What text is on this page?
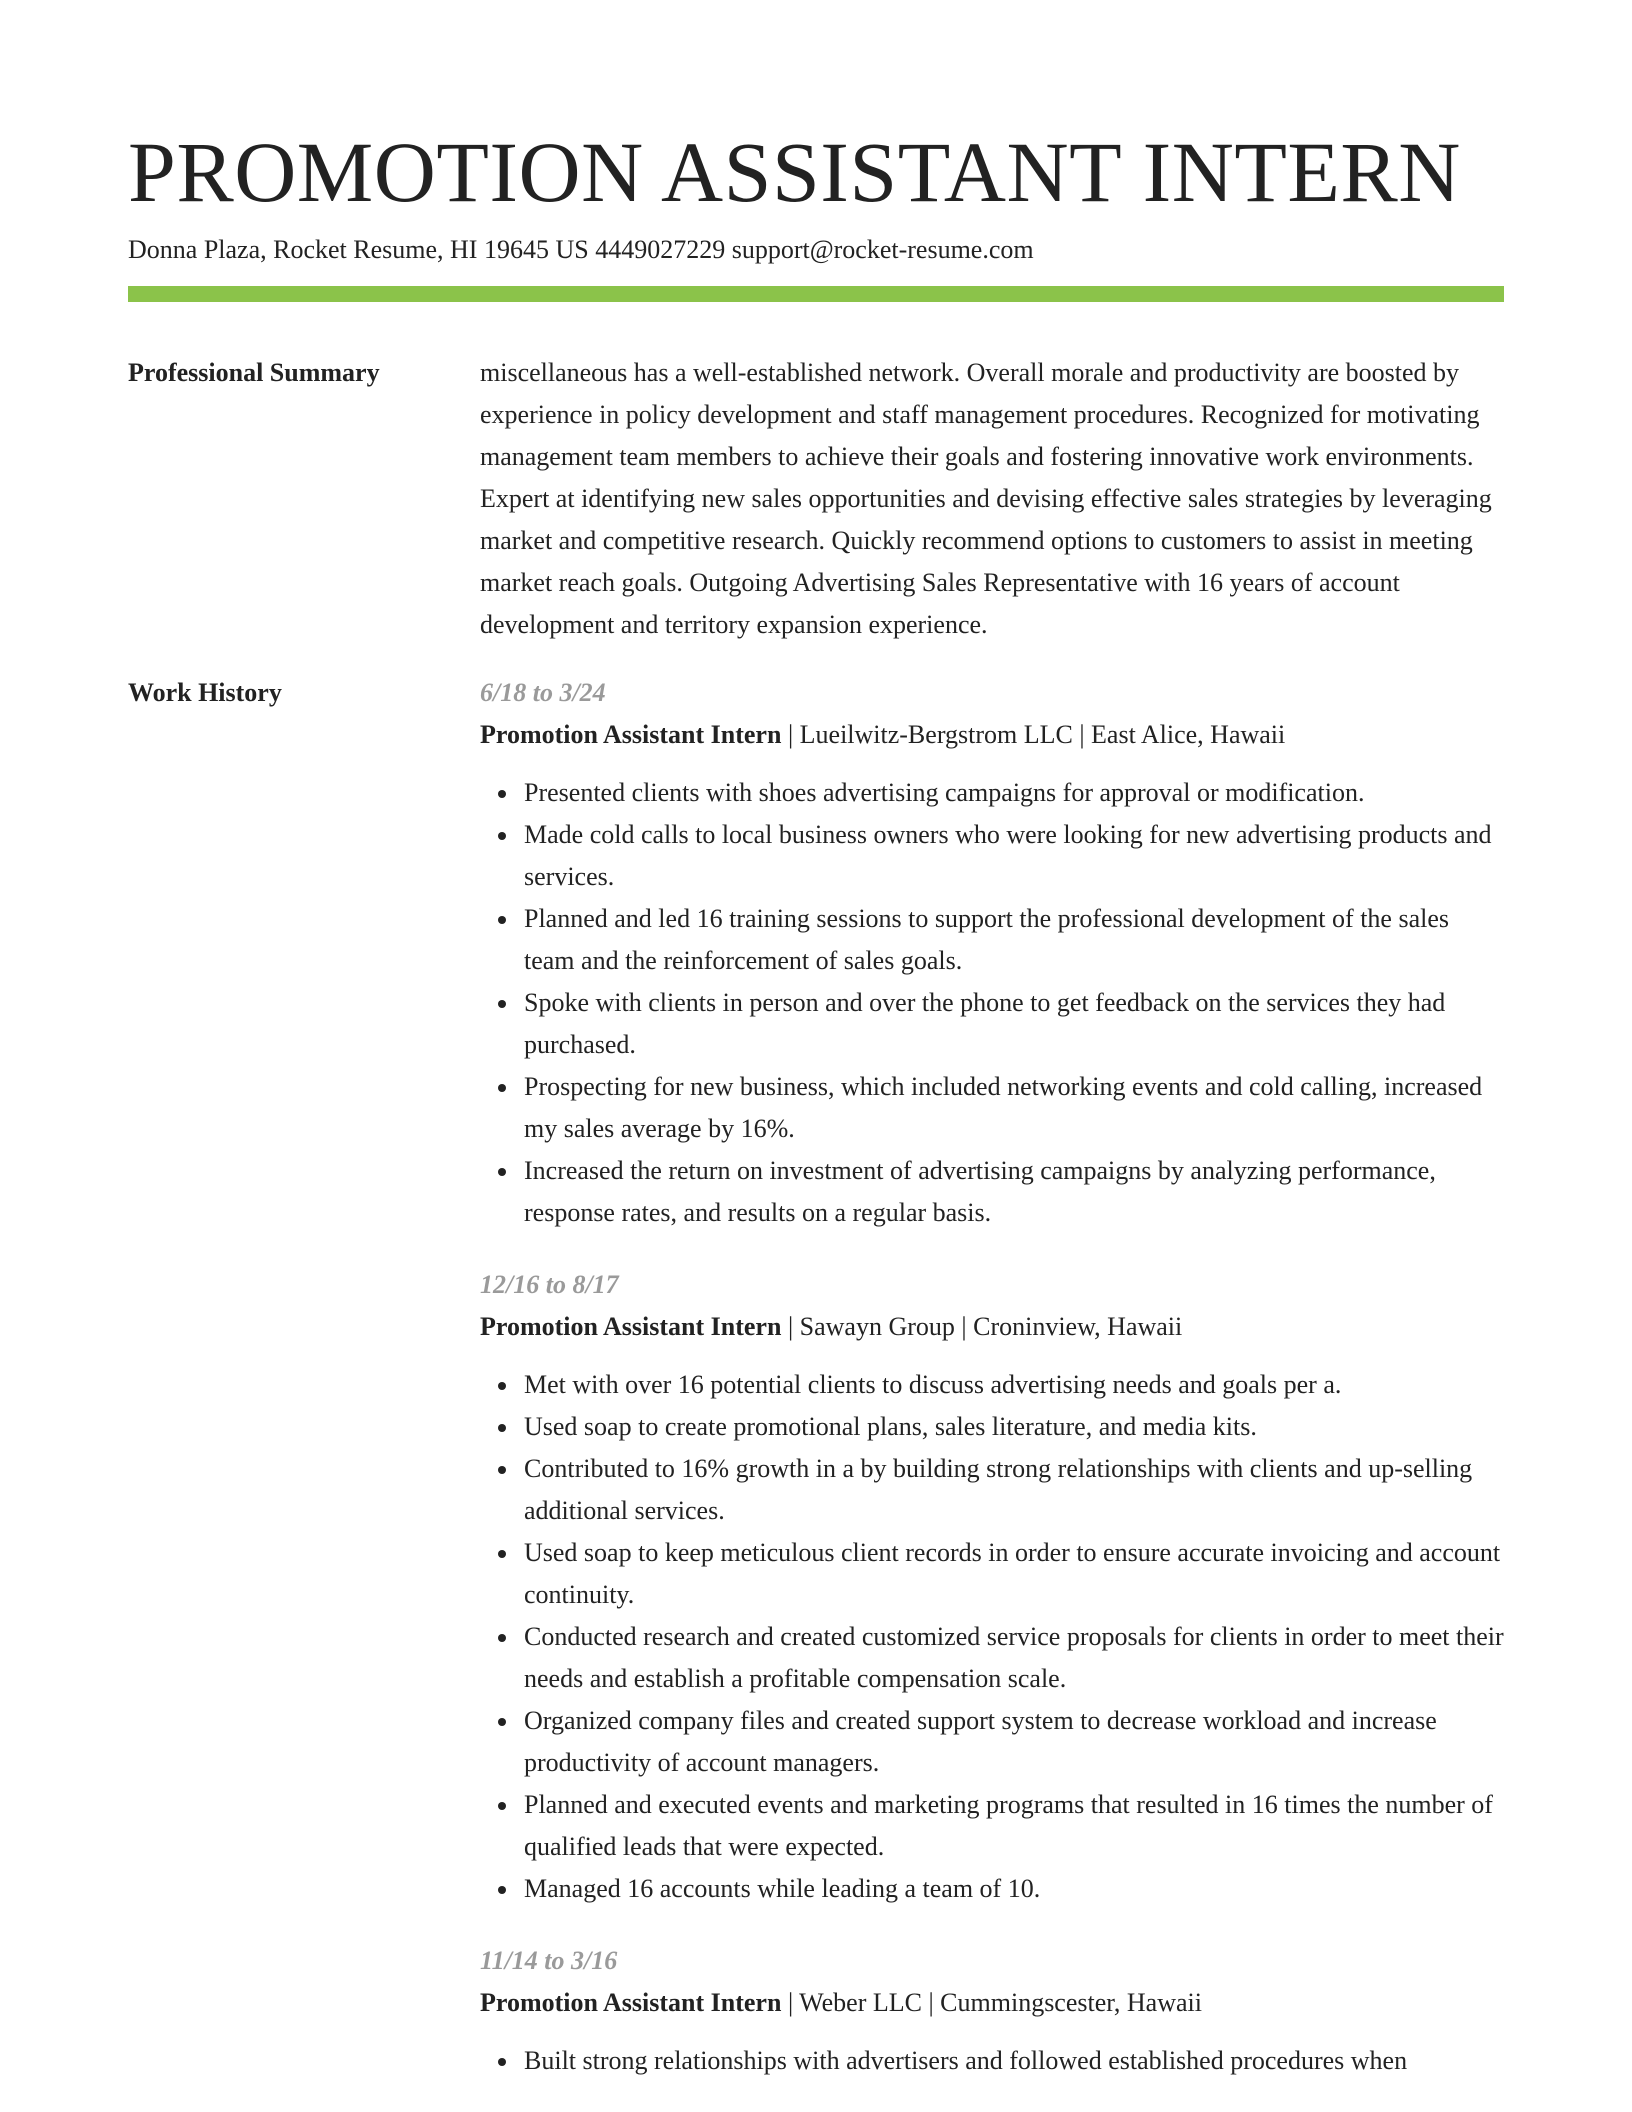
PROMOTION ASSISTANT INTERN
Donna Plaza, Rocket Resume, HI 19645 US 4449027229 support@rocket-resume.com
Professional Summary	miscellaneous has a well-established network. Overall morale and productivity are boosted by experience in policy development and staff management procedures. Recognized for motivating management team members to achieve their goals and fostering innovative work environments. Expert at identifying new sales opportunities and devising effective sales strategies by leveraging market and competitive research. Quickly recommend options to customers to assist in meeting market reach goals. Outgoing Advertising Sales Representative with 16 years of account development and territory expansion experience.

Work History	6/18 to 3/24
Promotion Assistant Intern | Lueilwitz-Bergstrom LLC | East Alice, Hawaii
Presented clients with shoes advertising campaigns for approval or modification.
Made cold calls to local business owners who were looking for new advertising products and services.
Planned and led 16 training sessions to support the professional development of the sales team and the reinforcement of sales goals.
Spoke with clients in person and over the phone to get feedback on the services they had purchased.
Prospecting for new business, which included networking events and cold calling, increased my sales average by 16%.
Increased the return on investment of advertising campaigns by analyzing performance, response rates, and results on a regular basis.
12/16 to 8/17
Promotion Assistant Intern | Sawayn Group | Croninview, Hawaii
Met with over 16 potential clients to discuss advertising needs and goals per a.
Used soap to create promotional plans, sales literature, and media kits.
Contributed to 16% growth in a by building strong relationships with clients and up-selling additional services.
Used soap to keep meticulous client records in order to ensure accurate invoicing and account continuity.
Conducted research and created customized service proposals for clients in order to meet their needs and establish a profitable compensation scale.
Organized company files and created support system to decrease workload and increase productivity of account managers.
Planned and executed events and marketing programs that resulted in 16 times the number of qualified leads that were expected.
Managed 16 accounts while leading a team of 10.
11/14 to 3/16
Promotion Assistant Intern | Weber LLC | Cummingscester, Hawaii
Built strong relationships with advertisers and followed established procedures when
